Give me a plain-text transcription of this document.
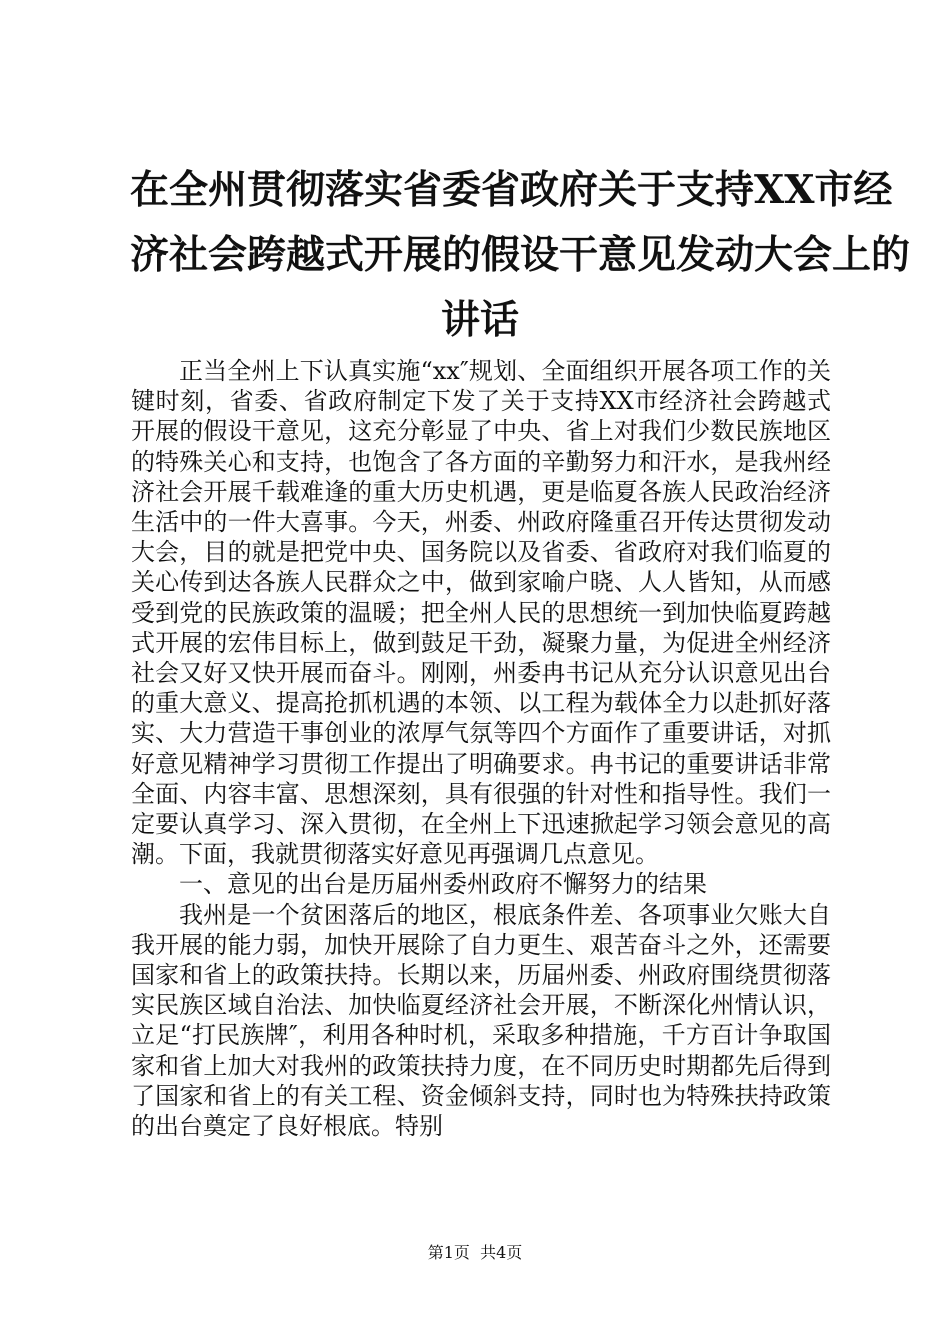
在全州贯彻落实省委省政府关于支持XX市经
济社会跨越式开展的假设干意见发动大会上的
讲话

正当全州上下认真实施“xx″规划、全面组织开展各项工作的关键时刻，省委、省政府制定下发了关于支持XX市经济社会跨越式开展的假设干意见，这充分彰显了中央、省上对我们少数民族地区的特殊关心和支持，也饱含了各方面的辛勤努力和汗水，是我州经济社会开展千载难逢的重大历史机遇，更是临夏各族人民政治经济生活中的一件大喜事。今天，州委、州政府隆重召开传达贯彻发动大会，目的就是把党中央、国务院以及省委、省政府对我们临夏的关心传到达各族人民群众之中，做到家喻户晓、人人皆知，从而感受到党的民族政策的温暖；把全州人民的思想统一到加快临夏跨越式开展的宏伟目标上，做到鼓足干劲，凝聚力量，为促进全州经济社会又好又快开展而奋斗。刚刚，州委冉书记从充分认识意见出台的重大意义、提高抢抓机遇的本领、以工程为载体全力以赴抓好落实、大力营造干事创业的浓厚气氛等四个方面作了重要讲话，对抓好意见精神学习贯彻工作提出了明确要求。冉书记的重要讲话非常全面、内容丰富、思想深刻，具有很强的针对性和指导性。我们一定要认真学习、深入贯彻，在全州上下迅速掀起学习领会意见的高潮。下面，我就贯彻落实好意见再强调几点意见。

一、意见的出台是历届州委州政府不懈努力的结果

我州是一个贫困落后的地区，根底条件差、各项事业欠账大自我开展的能力弱，加快开展除了自力更生、艰苦奋斗之外，还需要国家和省上的政策扶持。长期以来，历届州委、州政府围绕贯彻落实民族区域自治法、加快临夏经济社会开展，不断深化州情认识，立足“打民族牌″，利用各种时机，采取多种措施，千方百计争取国家和省上加大对我州的政策扶持力度，在不同历史时期都先后得到了国家和省上的有关工程、资金倾斜支持，同时也为特殊扶持政策的出台奠定了良好根底。特别

第1页  共4页
